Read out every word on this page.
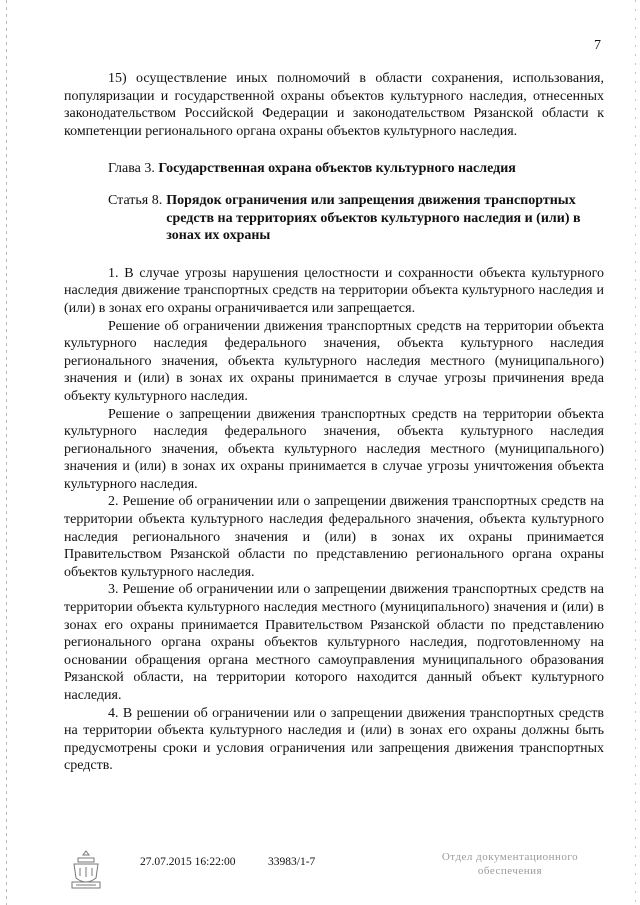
7

15) осуществление иных полномочий в области сохранения, использования, популяризации и государственной охраны объектов культурного наследия, отнесенных законодательством Российской Федерации и законодательством Рязанской области к компетенции регионального органа охраны объектов культурного наследия.

Глава 3. Государственная охрана объектов культурного наследия
Статья 8. Порядок ограничения или запрещения движения транспортных средств на территориях объектов культурного наследия и (или) в зонах их охраны

1. В случае угрозы нарушения целостности и сохранности объекта культурного наследия движение транспортных средств на территории объекта культурного наследия и (или) в зонах его охраны ограничивается или запрещается.

Решение об ограничении движения транспортных средств на территории объекта культурного наследия федерального значения, объекта культурного наследия регионального значения, объекта культурного наследия местного (муниципального) значения и (или) в зонах их охраны принимается в случае угрозы причинения вреда объекту культурного наследия.

Решение о запрещении движения транспортных средств на территории объекта культурного наследия федерального значения, объекта культурного наследия регионального значения, объекта культурного наследия местного (муниципального) значения и (или) в зонах их охраны принимается в случае угрозы уничтожения объекта культурного наследия.

2. Решение об ограничении или о запрещении движения транспортных средств на территории объекта культурного наследия федерального значения, объекта культурного наследия регионального значения и (или) в зонах их охраны принимается Правительством Рязанской области по представлению регионального органа охраны объектов культурного наследия.

3. Решение об ограничении или о запрещении движения транспортных средств на территории объекта культурного наследия местного (муниципального) значения и (или) в зонах его охраны принимается Правительством Рязанской области по представлению регионального органа охраны объектов культурного наследия, подготовленному на основании обращения органа местного самоуправления муниципального образования Рязанской области, на территории которого находится данный объект культурного наследия.

4. В решении об ограничении или о запрещении движения транспортных средств на территории объекта культурного наследия и (или) в зонах его охраны должны быть предусмотрены сроки и условия ограничения или запрещения движения транспортных средств.

27.07.2015 16:22:00	33983/1-7	Отдел документационного
обеспечения
